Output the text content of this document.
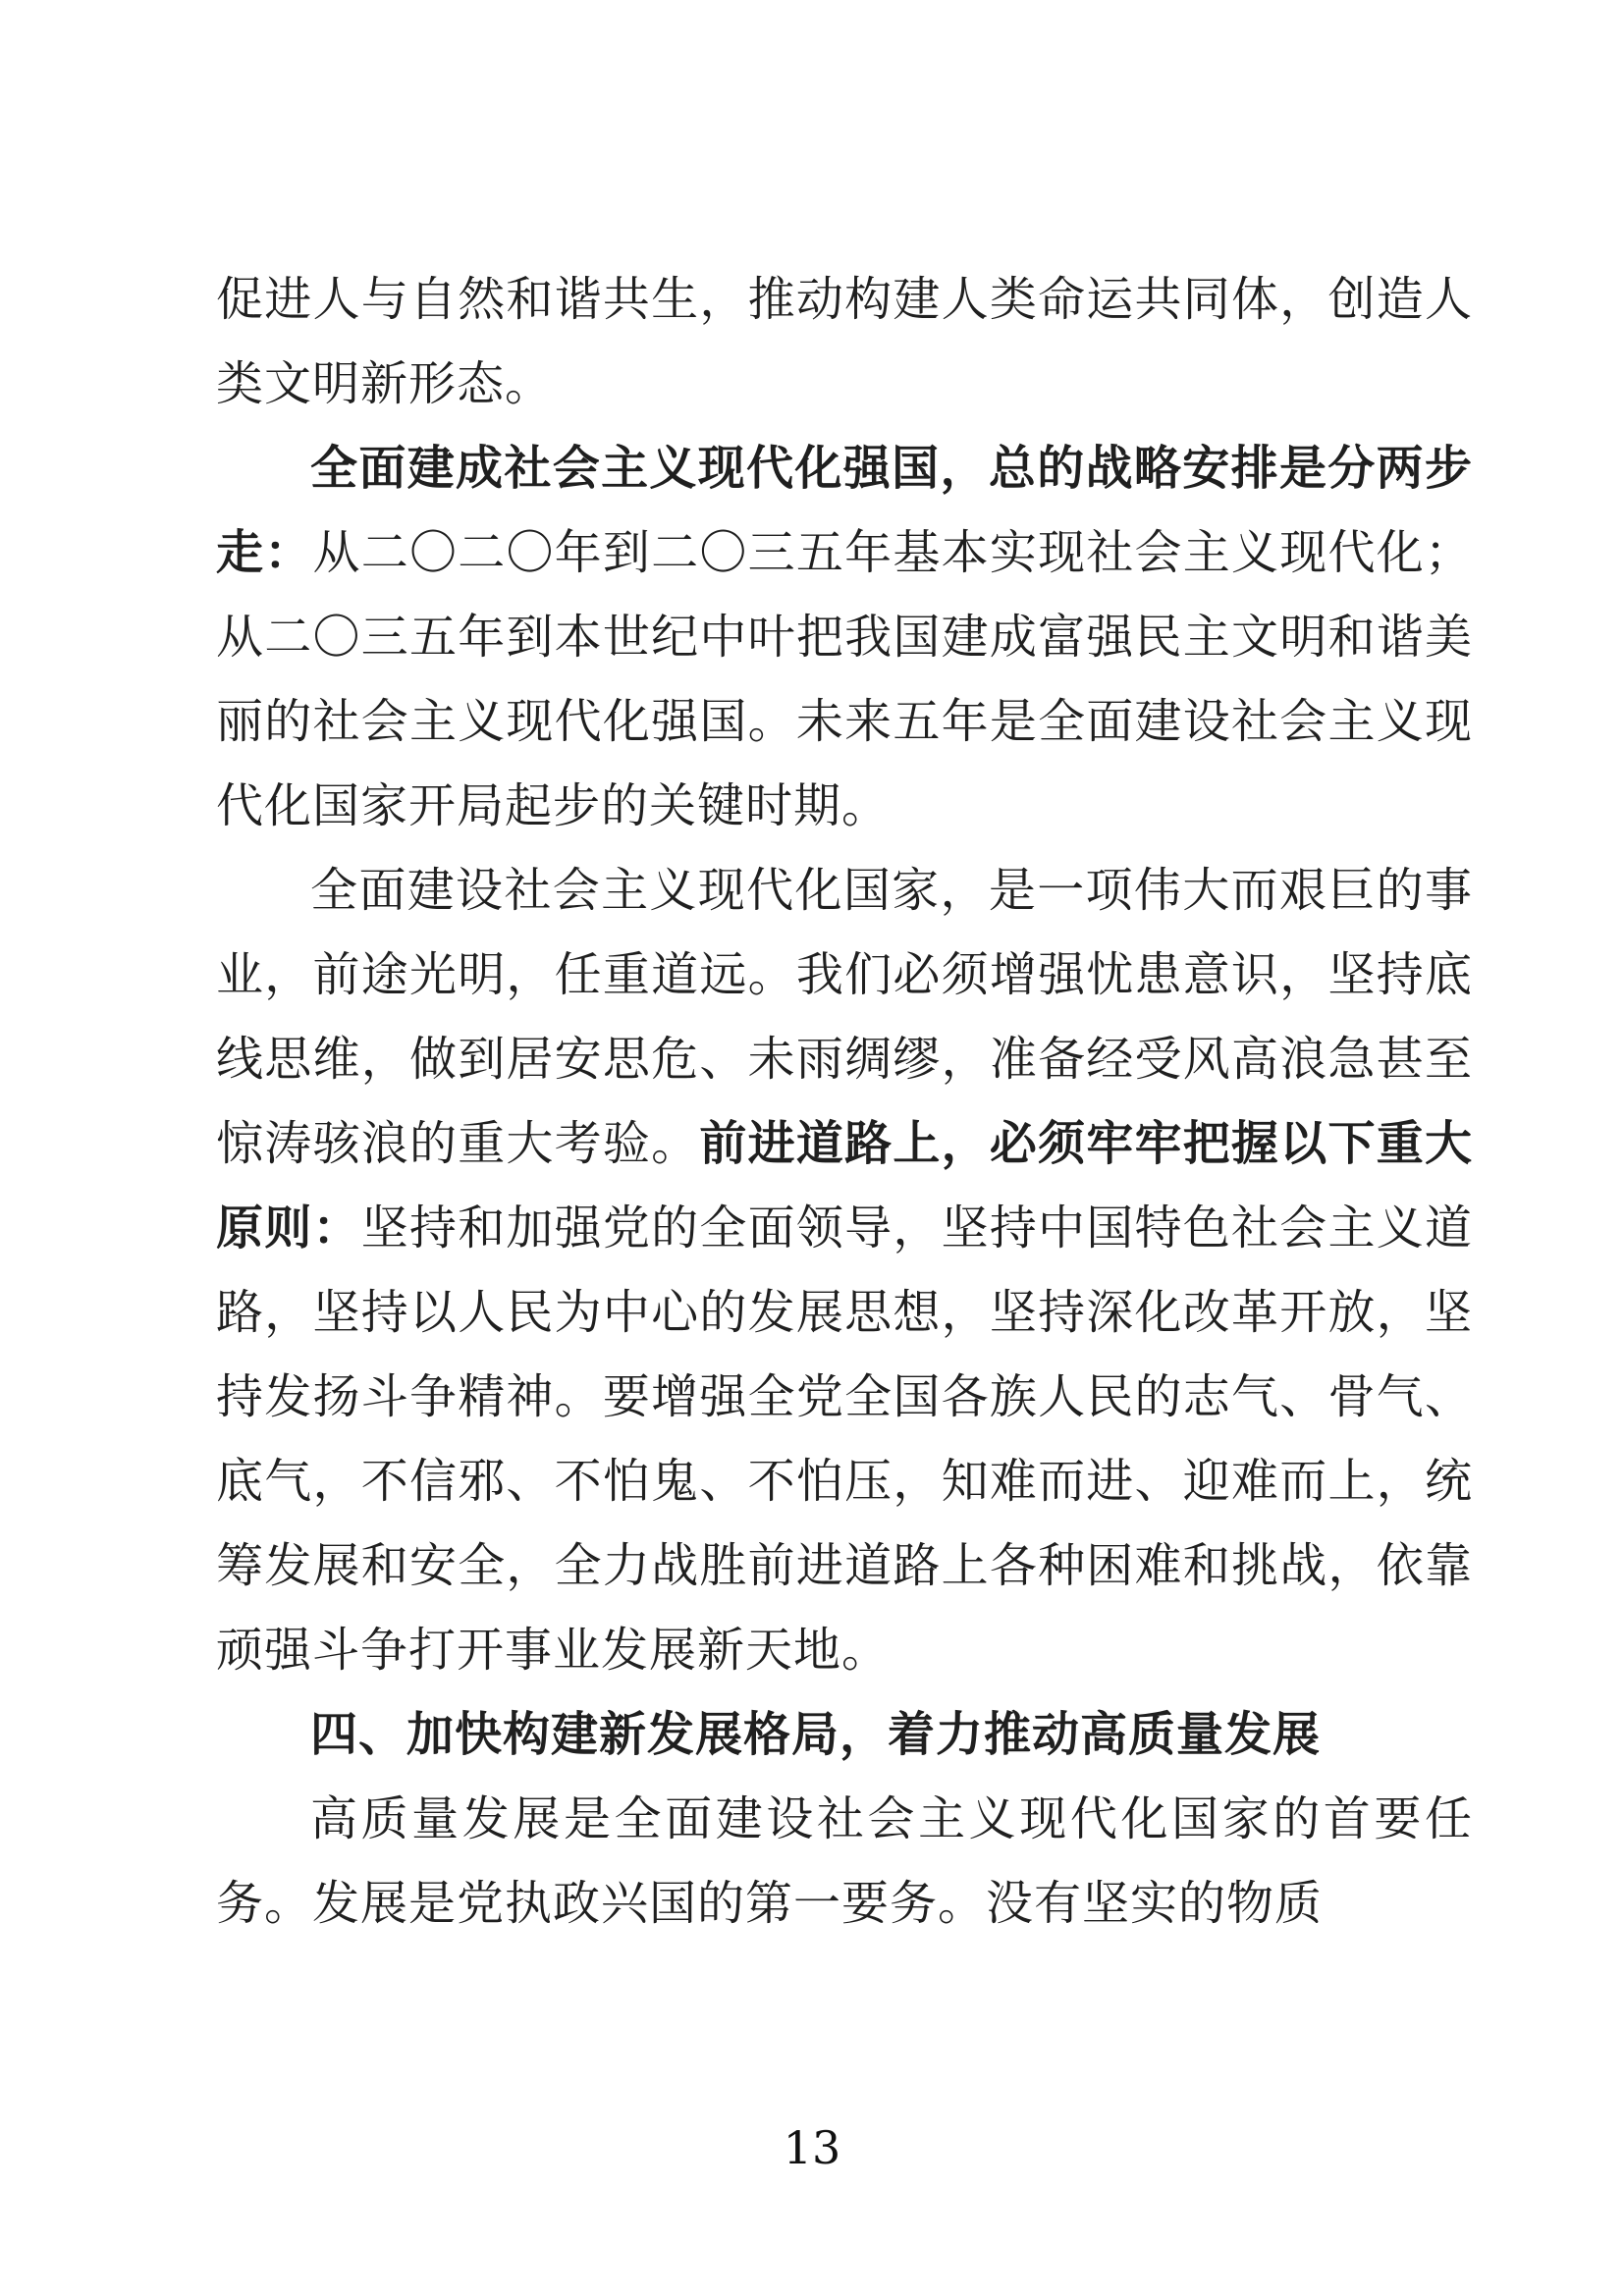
促进人与自然和谐共生，推动构建人类命运共同体，创造人类文明新形态。

全面建成社会主义现代化强国，总的战略安排是分两步走：从二〇二〇年到二〇三五年基本实现社会主义现代化；从二〇三五年到本世纪中叶把我国建成富强民主文明和谐美丽的社会主义现代化强国。未来五年是全面建设社会主义现代化国家开局起步的关键时期。

全面建设社会主义现代化国家，是一项伟大而艰巨的事业，前途光明，任重道远。我们必须增强忧患意识，坚持底线思维，做到居安思危、未雨绸缪，准备经受风高浪急甚至惊涛骇浪的重大考验。前进道路上，必须牢牢把握以下重大原则：坚持和加强党的全面领导，坚持中国特色社会主义道路，坚持以人民为中心的发展思想，坚持深化改革开放，坚持发扬斗争精神。要增强全党全国各族人民的志气、骨气、底气，不信邪、不怕鬼、不怕压，知难而进、迎难而上，统筹发展和安全，全力战胜前进道路上各种困难和挑战，依靠顽强斗争打开事业发展新天地。

四、加快构建新发展格局，着力推动高质量发展

高质量发展是全面建设社会主义现代化国家的首要任务。发展是党执政兴国的第一要务。没有坚实的物质

13
